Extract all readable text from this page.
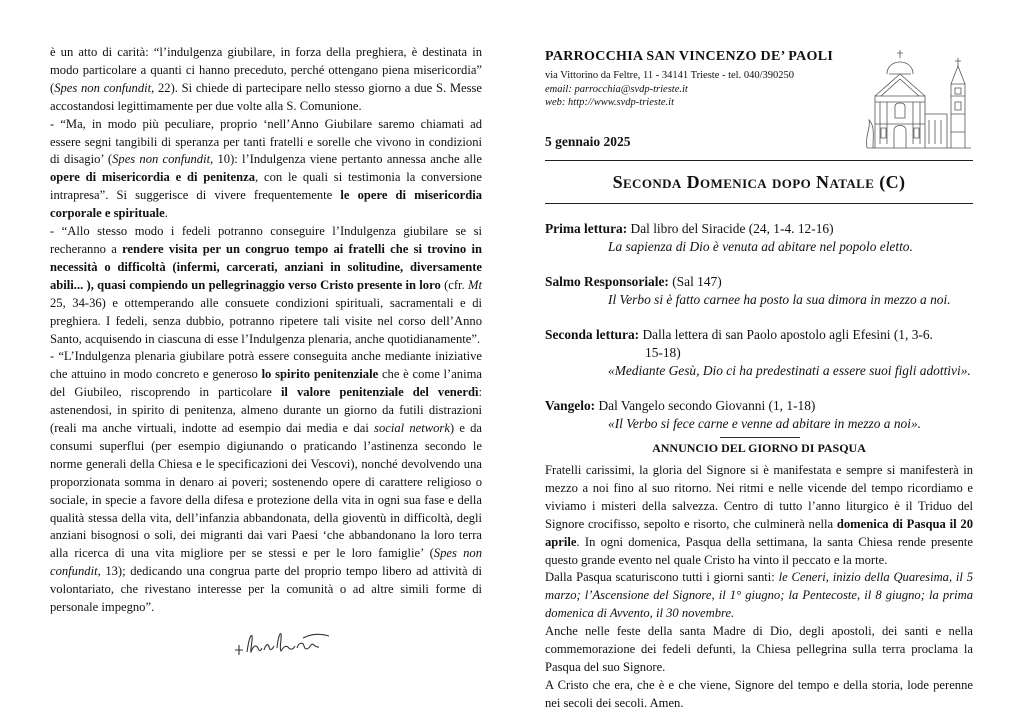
è un atto di carità: “l’indulgenza giubilare, in forza della preghiera, è destinata in modo particolare a quanti ci hanno preceduto, perché ottengano piena misericordia” (Spes non confundit, 22). Si chiede di partecipare nello stesso giorno a due S. Messe accostandosi legittimamente per due volte alla S. Comunione.

- “Ma, in modo più peculiare, proprio ‘nell’Anno Giubilare saremo chiamati ad essere segni tangibili di speranza per tanti fratelli e sorelle che vivono in condizioni di disagio’ (Spes non confundit, 10): l’Indulgenza viene pertanto annessa anche alle opere di misericordia e di penitenza, con le quali si testimonia la conversione intrapresa”. Si suggerisce di vivere frequentemente le opere di misericordia corporale e spirituale.

- “Allo stesso modo i fedeli potranno conseguire l’Indulgenza giubilare se si recheranno a rendere visita per un congruo tempo ai fratelli che si trovino in necessità o difficoltà (infermi, carcerati, anziani in solitudine, diversamente abili... ), quasi compiendo un pellegrinaggio verso Cristo presente in loro (cfr. Mt 25, 34-36) e ottemperando alle consuete condizioni spirituali, sacramentali e di preghiera. I fedeli, senza dubbio, potranno ripetere tali visite nel corso dell’Anno Santo, acquisendo in ciascuna di esse l’Indulgenza plenaria, anche quotidianamente”.

- “L’Indulgenza plenaria giubilare potrà essere conseguita anche mediante iniziative che attuino in modo concreto e generoso lo spirito penitenziale che è come l’anima del Giubileo, riscoprendo in particolare il valore penitenziale del venerdì: astenendosi, in spirito di penitenza, almeno durante un giorno da futili distrazioni (reali ma anche virtuali, indotte ad esempio dai media e dai social network) e da consumi superflui (per esempio digiunando o praticando l’astinenza secondo le norme generali della Chiesa e le specificazioni dei Vescovi), nonché devolvendo una proporzionata somma in denaro ai poveri; sostenendo opere di carattere religioso o sociale, in specie a favore della difesa e protezione della vita in ogni sua fase e della qualità stessa della vita, dell’infanzia abbandonata, della gioventù in difficoltà, degli anziani bisognosi o soli, dei migranti dai vari Paesi ‘che abbandonano la loro terra alla ricerca di una vita migliore per se stessi e per le loro famiglie’ (Spes non confundit, 13); dedicando una congrua parte del proprio tempo libero ad attività di volontariato, che rivestano interesse per la comunità o ad altre simili forme di personale impegno”.

PARROCCHIA SAN VINCENZO DE’ PAOLI
via Vittorino da Feltre, 11 - 34141 Trieste - tel. 040/390250
email: parrocchia@svdp-trieste.it
web: http://www.svdp-trieste.it
5 gennaio 2025
Seconda Domenica dopo Natale (C)
Prima lettura: Dal libro del Siracide (24, 1-4. 12-16)
La sapienza di Dio è venuta ad abitare nel popolo eletto.
Salmo Responsoriale: (Sal 147)
Il Verbo si è fatto carnee ha posto la sua dimora in mezzo a noi.
Seconda lettura: Dalla lettera di san Paolo apostolo agli Efesini (1, 3-6.
15-18)
«Mediante Gesù, Dio ci ha predestinati a essere suoi figli adottivi».
Vangelo: Dal Vangelo secondo Giovanni (1, 1-18)
«Il Verbo si fece carne e venne ad abitare in mezzo a noi».
ANNUNCIO DEL GIORNO DI PASQUA

Fratelli carissimi, la gloria del Signore si è manifestata e sempre si manifesterà in mezzo a noi fino al suo ritorno. Nei ritmi e nelle vicende del tempo ricordiamo e viviamo i misteri della salvezza. Centro di tutto l’anno liturgico è il Triduo del Signore crocifisso, sepolto e risorto, che culminerà nella domenica di Pasqua il 20 aprile. In ogni domenica, Pasqua della settimana, la santa Chiesa rende presente questo grande evento nel quale Cristo ha vinto il peccato e la morte.

Dalla Pasqua scaturiscono tutti i giorni santi: le Ceneri, inizio della Quaresima, il 5 marzo; l’Ascensione del Signore, il 1° giugno; la Pentecoste, il 8 giugno; la prima domenica di Avvento, il 30 novembre.

Anche nelle feste della santa Madre di Dio, degli apostoli, dei santi e nella commemorazione dei fedeli defunti, la Chiesa pellegrina sulla terra proclama la Pasqua del suo Signore.

A Cristo che era, che è e che viene, Signore del tempo e della storia, lode perenne nei secoli dei secoli. Amen.
